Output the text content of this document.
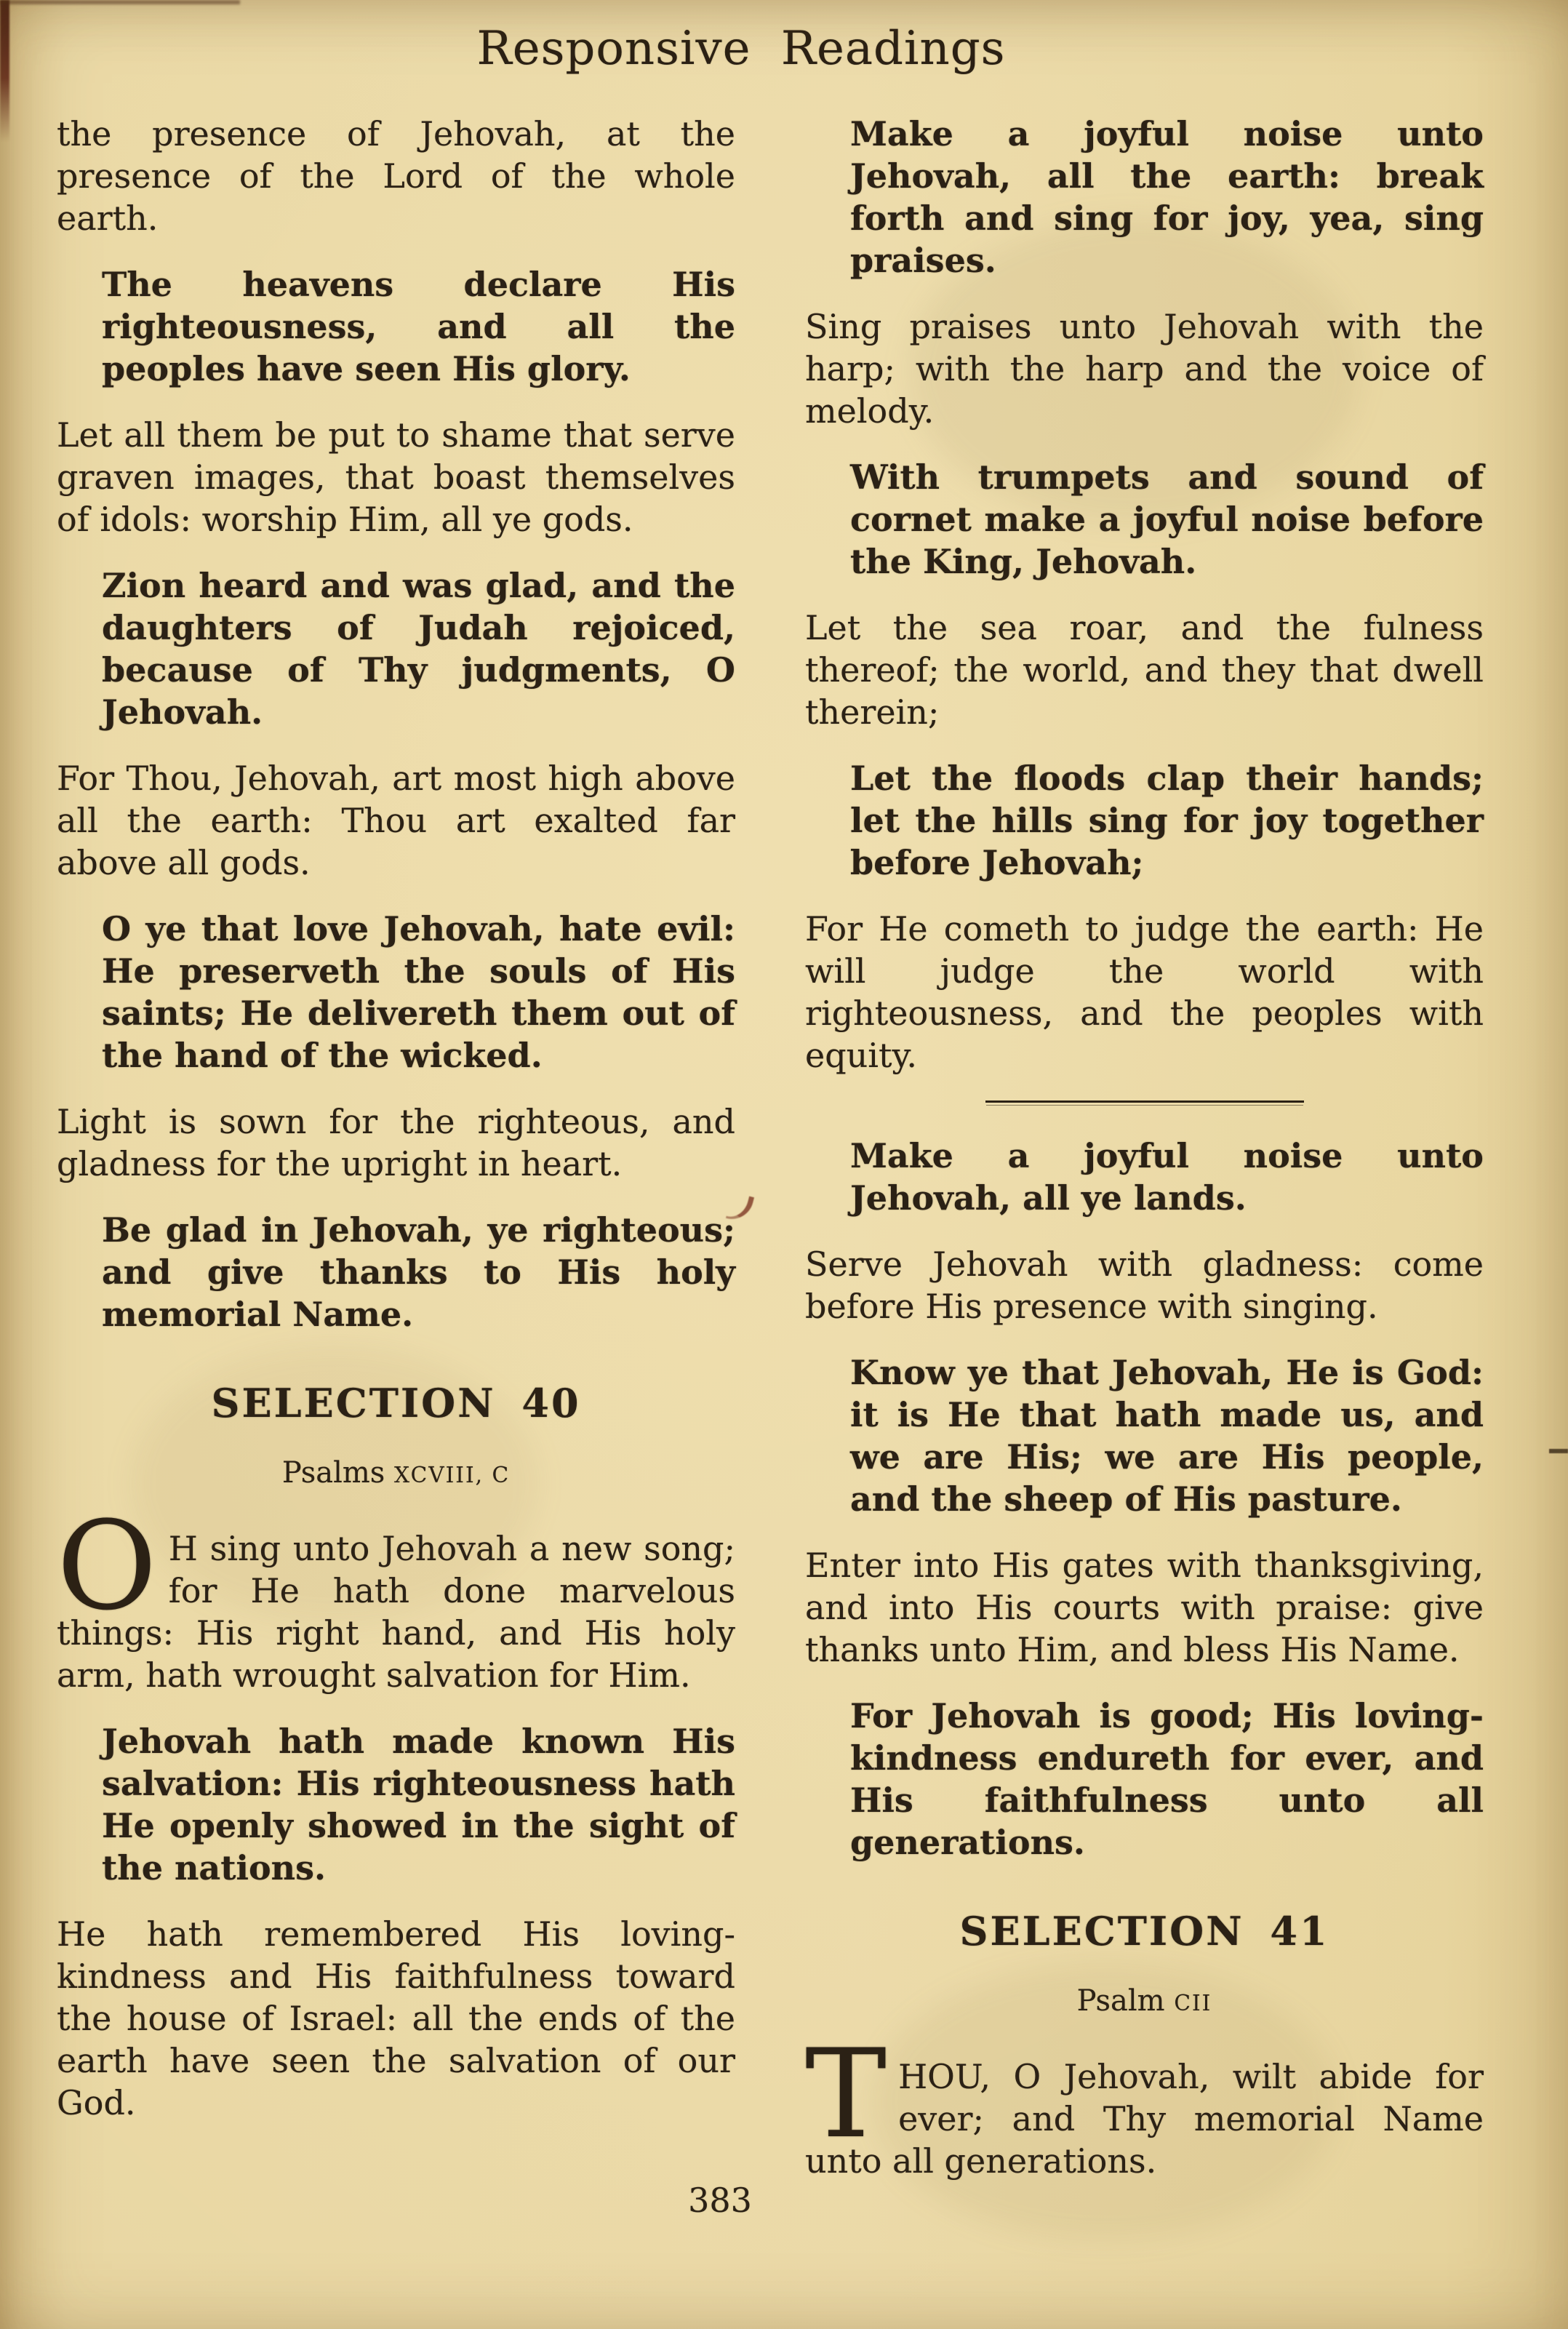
Responsive Readings

the presence of Jehovah, at the presence of the Lord of the whole earth.

The heavens declare His righteousness, and all the peoples have seen His glory.

Let all them be put to shame that serve graven images, that boast themselves of idols: worship Him, all ye gods.

Zion heard and was glad, and the daughters of Judah rejoiced, because of Thy judgments, O Jehovah.

For Thou, Jehovah, art most high above all the earth: Thou art exalted far above all gods.

O ye that love Jehovah, hate evil: He preserveth the souls of His saints; He delivereth them out of the hand of the wicked.

Light is sown for the righteous, and gladness for the upright in heart.

Be glad in Jehovah, ye righteous; and give thanks to His holy memorial Name.

SELECTION 40
Psalms XCVIII, C

O H sing unto Jehovah a new song; for He hath done marvelous things: His right hand, and His holy arm, hath wrought salvation for Him.

Jehovah hath made known His salvation: His righteousness hath He openly showed in the sight of the nations.

He hath remembered His loving-kindness and His faithfulness toward the house of Israel: all the ends of the earth have seen the salvation of our God.

Make a joyful noise unto Jehovah, all the earth: break forth and sing for joy, yea, sing praises.

Sing praises unto Jehovah with the harp; with the harp and the voice of melody.

With trumpets and sound of cornet make a joyful noise before the King, Jehovah.

Let the sea roar, and the fulness thereof; the world, and they that dwell therein;

Let the floods clap their hands; let the hills sing for joy together before Jehovah;

For He cometh to judge the earth: He will judge the world with righteousness, and the peoples with equity.

Make a joyful noise unto Jehovah, all ye lands.

Serve Jehovah with gladness: come before His presence with singing.

Know ye that Jehovah, He is God: it is He that hath made us, and we are His; we are His people, and the sheep of His pasture.

Enter into His gates with thanksgiving, and into His courts with praise: give thanks unto Him, and bless His Name.

For Jehovah is good; His loving-kindness endureth for ever, and His faithfulness unto all generations.

SELECTION 41
Psalm CII

THOU, O Jehovah, wilt abide for ever; and Thy memorial Name unto all generations.

383
